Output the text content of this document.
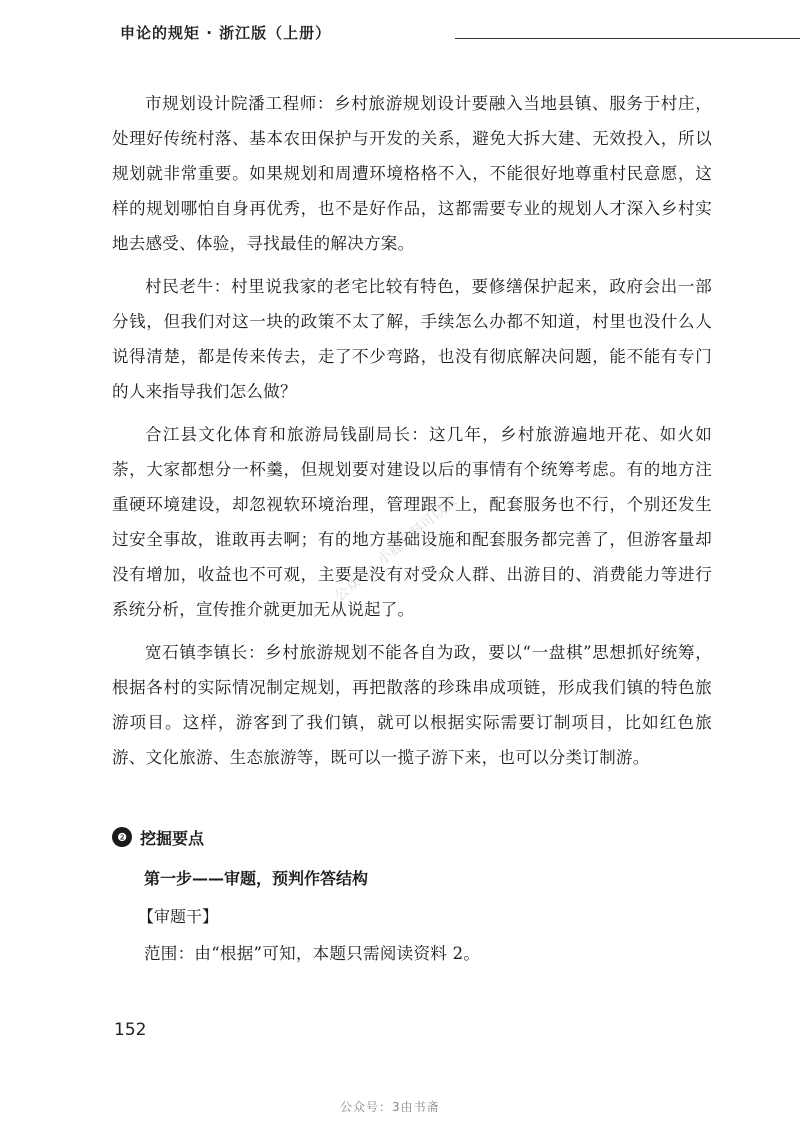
申论的规矩 · 浙江版（上册）

市规划设计院潘工程师：乡村旅游规划设计要融入当地县镇、服务于村庄，处理好传统村落、基本农田保护与开发的关系，避免大拆大建、无效投入，所以规划就非常重要。如果规划和周遭环境格格不入，不能很好地尊重村民意愿，这样的规划哪怕自身再优秀，也不是好作品，这都需要专业的规划人才深入乡村实地去感受、体验，寻找最佳的解决方案。

村民老牛：村里说我家的老宅比较有特色，要修缮保护起来，政府会出一部分钱，但我们对这一块的政策不太了解，手续怎么办都不知道，村里也没什么人说得清楚，都是传来传去，走了不少弯路，也没有彻底解决问题，能不能有专门的人来指导我们怎么做？

合江县文化体育和旅游局钱副局长：这几年，乡村旅游遍地开花、如火如荼，大家都想分一杯羹，但规划要对建设以后的事情有个统筹考虑。有的地方注重硬环境建设，却忽视软环境治理，管理跟不上，配套服务也不行，个别还发生过安全事故，谁敢再去啊；有的地方基础设施和配套服务都完善了，但游客量却没有增加，收益也不可观，主要是没有对受众人群、出游目的、消费能力等进行系统分析，宣传推介就更加无从说起了。

宽石镇李镇长：乡村旅游规划不能各自为政，要以“一盘棋”思想抓好统筹，根据各村的实际情况制定规划，再把散落的珍珠串成项链，形成我们镇的特色旅游项目。这样，游客到了我们镇，就可以根据实际需要订制项目，比如红色旅游、文化旅游、生态旅游等，既可以一揽子游下来，也可以分类订制游。

公众号：小鹿有料可以获
❷ 挖掘要点
第一步——审题，预判作答结构
【审题干】
范围：由“根据”可知，本题只需阅读资料 2。
152
公众号：3由书斋
